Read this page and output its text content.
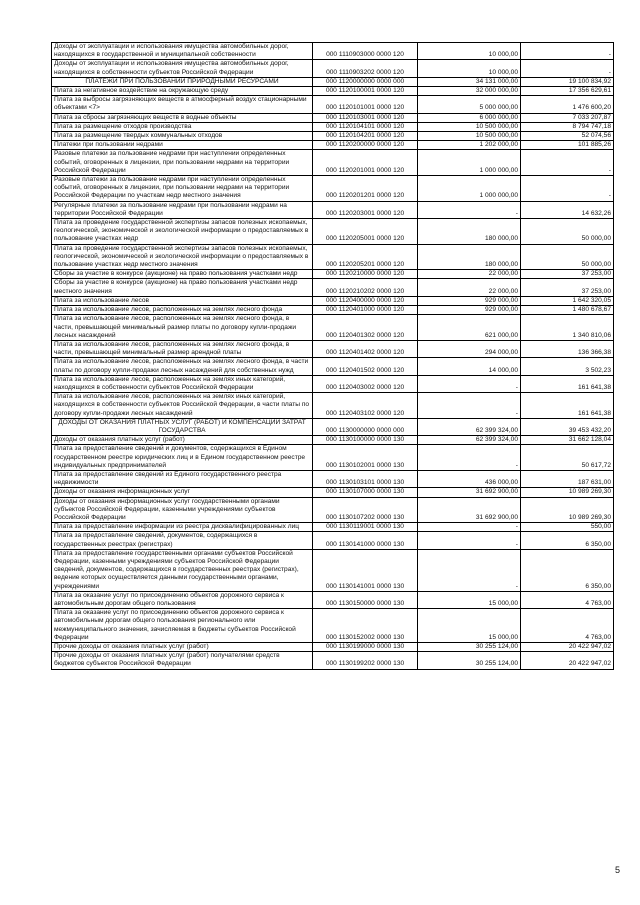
Доходы от эксплуатации и использования имущества автомобильных дорог, находящихся в государственной и муниципальной собственности	000 1110903000 0000 120	10 000,00	-
Доходы от эксплуатации и использования имущества автомобильных дорог, находящихся в собственности субъектов Российской Федерации	000 1110903202 0000 120	10 000,00	-
ПЛАТЕЖИ ПРИ ПОЛЬЗОВАНИИ ПРИРОДНЫМИ РЕСУРСАМИ	000 1120000000 0000 000	34 131 000,00	19 100 834,92
Плата за негативное воздействие на окружающую среду	000 1120100001 0000 120	32 000 000,00	17 356 629,61
Плата за выбросы загрязняющих веществ в атмосферный воздух стационарными объектами <7>	000 1120101001 0000 120	5 000 000,00	1 476 600,20
Плата за сбросы загрязняющих веществ в водные объекты	000 1120103001 0000 120	6 000 000,00	7 033 207,87
Плата за размещение отходов производства	000 1120104101 0000 120	10 500 000,00	8 794 747,18
Плата за размещение твердых коммунальных отходов	000 1120104201 0000 120	10 500 000,00	52 074,56
Платежи при пользовании недрами	000 1120200000 0000 120	1 202 000,00	101 885,26
Разовые платежи за пользование недрами при наступлении определенных событий, оговоренных в лицензии, при пользовании недрами на территории Российской Федерации	000 1120201001 0000 120	1 000 000,00	-
Разовые платежи за пользование недрами при наступлении определенных событий, оговоренных в лицензии, при пользовании недрами на территории Российской Федерации по участкам недр местного значения	000 1120201201 0000 120	1 000 000,00	-
Регулярные платежи за пользование недрами при пользовании недрами на территории Российской Федерации	000 1120203001 0000 120	-	14 632,26
Плата за проведение государственной экспертизы запасов полезных ископаемых, геологической, экономической и экологической информации о предоставляемых в пользование участках недр	000 1120205001 0000 120	180 000,00	50 000,00
Плата за проведение государственной экспертизы запасов полезных ископаемых, геологической, экономической и экологической информации о предоставляемых в пользование участках недр местного значения	000 1120205201 0000 120	180 000,00	50 000,00
Сборы за участие в конкурсе (аукционе) на право пользования участками недр	000 1120210000 0000 120	22 000,00	37 253,00
Сборы за участие в конкурсе (аукционе) на право пользования участками недр местного значения	000 1120210202 0000 120	22 000,00	37 253,00
Плата за использование лесов	000 1120400000 0000 120	929 000,00	1 642 320,05
Плата за использование лесов, расположенных на землях лесного фонда	000 1120401000 0000 120	929 000,00	1 480 678,67
Плата за использование лесов, расположенных на землях лесного фонда, в части, превышающей минимальный размер платы по договору купли-продажи лесных насаждений	000 1120401302 0000 120	621 000,00	1 340 810,06
Плата за использование лесов, расположенных на землях лесного фонда, в части, превышающей минимальный размер арендной платы	000 1120401402 0000 120	294 000,00	136 366,38
Плата за использование лесов, расположенных на землях лесного фонда, в части платы по договору купли-продажи лесных насаждений для собственных нужд	000 1120401502 0000 120	14 000,00	3 502,23
Плата за использование лесов, расположенных на землях иных категорий, находящихся в собственности субъектов Российской Федерации	000 1120403002 0000 120	-	161 641,38
Плата за использование лесов, расположенных на землях иных категорий, находящихся в собственности субъектов Российской Федерации, в части платы по договору купли-продажи лесных насаждений	000 1120403102 0000 120	-	161 641,38
ДОХОДЫ ОТ ОКАЗАНИЯ ПЛАТНЫХ УСЛУГ (РАБОТ) И КОМПЕНСАЦИИ ЗАТРАТ ГОСУДАРСТВА	000 1130000000 0000 000	62 399 324,00	39 453 432,20
Доходы от оказания платных услуг (работ)	000 1130100000 0000 130	62 399 324,00	31 662 128,04
Плата за предоставление сведений и документов, содержащихся в Едином государственном реестре юридических лиц и в Едином государственном реестре индивидуальных предпринимателей	000 1130102001 0000 130	-	50 617,72
Плата за предоставление сведений из Единого государственного реестра недвижимости	000 1130103101 0000 130	436 000,00	187 631,00
Доходы от оказания информационных услуг	000 1130107000 0000 130	31 692 900,00	10 989 269,30
Доходы от оказания информационных услуг государственными органами субъектов Российской Федерации, казенными учреждениями субъектов Российской Федерации	000 1130107202 0000 130	31 692 900,00	10 989 269,30
Плата за предоставление информации из реестра дисквалифицированных лиц	000 1130119001 0000 130	-	550,00
Плата за предоставление сведений, документов, содержащихся в государственных реестрах (регистрах)	000 1130141000 0000 130	-	6 350,00
Плата за предоставление государственными органами субъектов Российской Федерации, казенными учреждениями субъектов Российской Федерации сведений, документов, содержащихся в государственных реестрах (регистрах), ведение которых осуществляется данными государственными органами, учреждениями	000 1130141001 0000 130	-	6 350,00
Плата за оказание услуг по присоединению объектов дорожного сервиса к автомобильным дорогам общего пользования	000 1130150000 0000 130	15 000,00	4 763,00
Плата за оказание услуг по присоединению объектов дорожного сервиса к автомобильным дорогам общего пользования регионального или межмуниципального значения, зачисляемая в бюджеты субъектов Российской Федерации	000 1130152002 0000 130	15 000,00	4 763,00
Прочие доходы от оказания платных услуг (работ)	000 1130199000 0000 130	30 255 124,00	20 422 947,02
Прочие доходы от оказания платных услуг (работ) получателями средств бюджетов субъектов Российской Федерации	000 1130199202 0000 130	30 255 124,00	20 422 947,02
5
